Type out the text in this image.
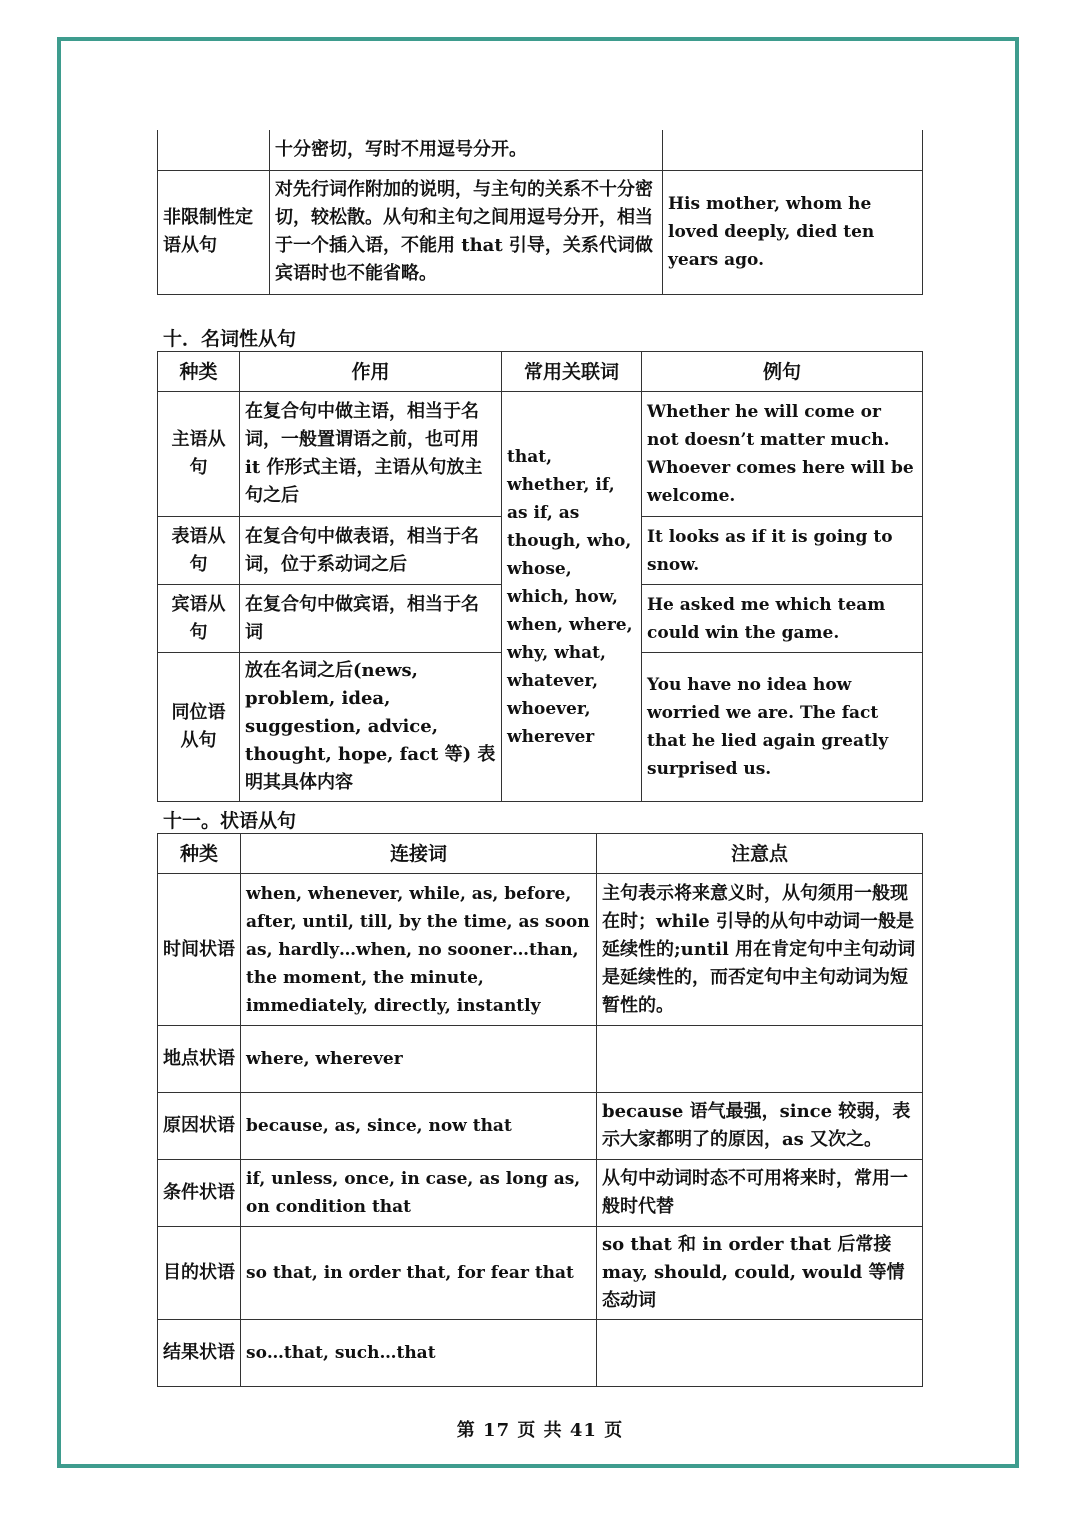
	十分密切，写时不用逗号分开。	
非限制性定语从句	对先行词作附加的说明，与主句的关系不十分密切，较松散。从句和主句之间用逗号分开，相当于一个插入语，不能用 that 引导，关系代词做宾语时也不能省略。	His mother, whom he loved deeply, died ten years ago.
十．名词性从句
种类	作用	常用关联词	例句
主语从句	在复合句中做主语，相当于名词，一般置谓语之前，也可用 it 作形式主语，主语从句放主句之后	that, whether, if, as if, as though, who, whose, which, how, when, where, why, what, whatever, whoever, wherever	Whether he will come or not doesn’t matter much. Whoever comes here will be welcome.
表语从句	在复合句中做表语，相当于名词，位于系动词之后		It looks as if it is going to snow.
宾语从句	在复合句中做宾语，相当于名词		He asked me which team could win the game.
同位语从句	放在名词之后(news, problem, idea, suggestion, advice, thought, hope, fact 等) 表明其具体内容		You have no idea how worried we are. The fact that he lied again greatly surprised us.
十一。状语从句
种类	连接词	注意点
时间状语	when, whenever, while, as, before, after, until, till, by the time, as soon as, hardly…when, no sooner…than, the moment, the minute, immediately, directly, instantly	主句表示将来意义时，从句须用一般现在时；while 引导的从句中动词一般是延续性的;until 用在肯定句中主句动词是延续性的，而否定句中主句动词为短暂性的。
地点状语	where, wherever	
原因状语	because, as, since, now that	because 语气最强，since 较弱，表示大家都明了的原因，as 又次之。
条件状语	if, unless, once, in case, as long as, on condition that	从句中动词时态不可用将来时，常用一般时代替
目的状语	so that, in order that, for fear that	so that 和 in order that 后常接 may, should, could, would 等情态动词
结果状语	so…that, such…that	
第 17 页 共 41 页
